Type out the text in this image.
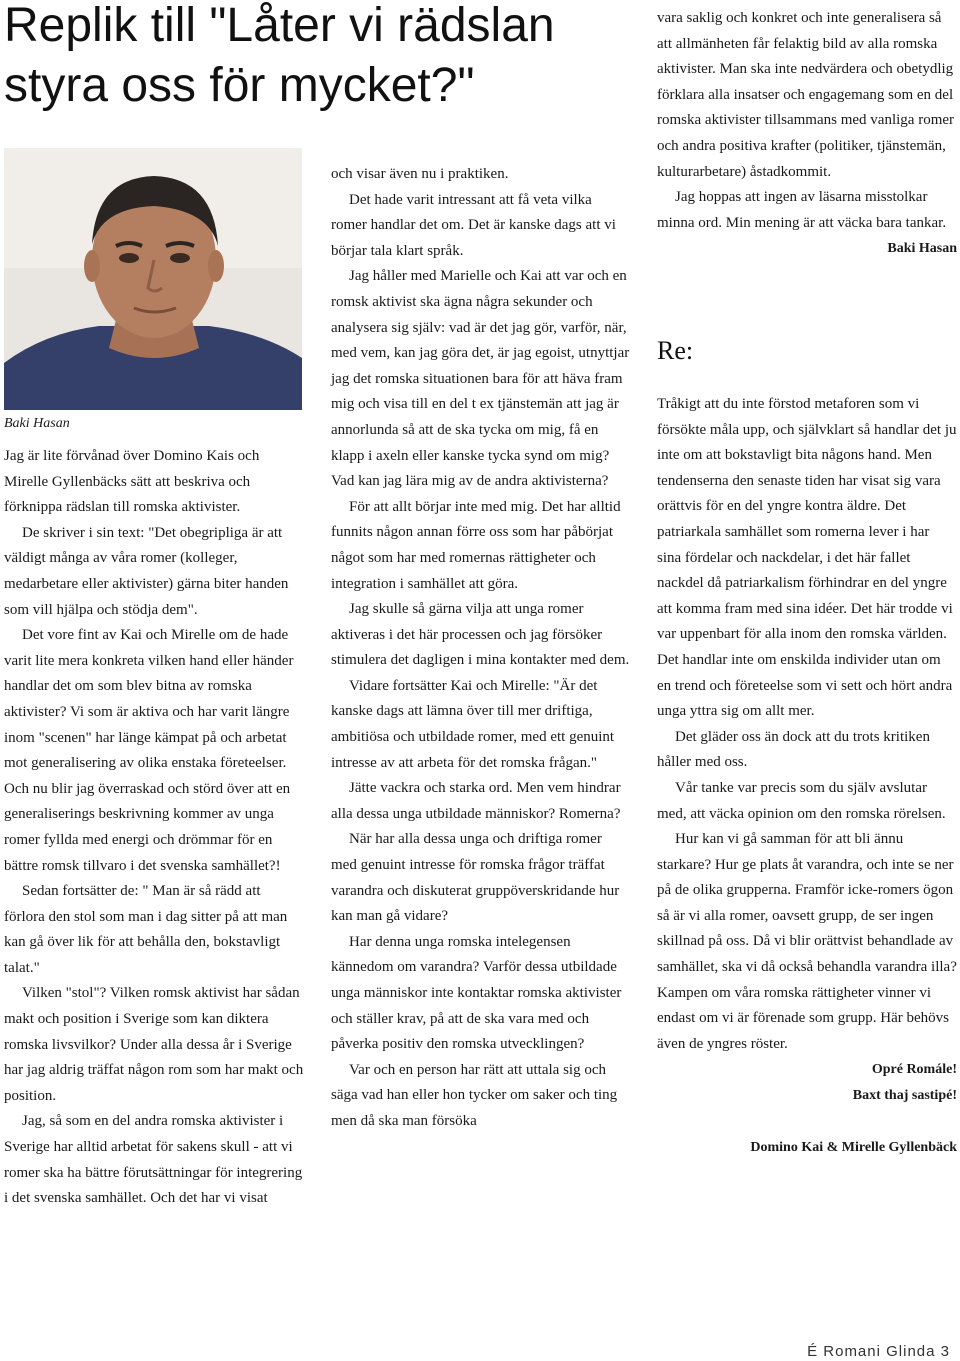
Replik till "Låter vi rädslan styra oss för mycket?"

Baki Hasan

Jag är lite förvånad över Domino Kais och Mirelle Gyllenbäcks sätt att beskriva och förknippa rädslan till romska aktivister.

De skriver i sin text: "Det obegripliga är att väldigt många av våra romer (kolleger, medarbetare eller aktivister) gärna biter handen som vill hjälpa och stödja dem".

Det vore fint av Kai och Mirelle om de hade varit lite mera konkreta vilken hand eller händer handlar det om som blev bitna av romska aktivister? Vi som är aktiva och har varit längre inom "scenen" har länge kämpat på och arbetat mot generalisering av olika enstaka företeelser. Och nu blir jag överraskad och störd över att en generaliserings beskrivning kommer av unga romer fyllda med energi och drömmar för en bättre romsk tillvaro i det svenska samhället?!

Sedan fortsätter de: " Man är så rädd att förlora den stol som man i dag sitter på att man kan gå över lik för att behålla den, bokstavligt talat."

Vilken "stol"? Vilken romsk aktivist har sådan makt och position i Sverige som kan diktera romska livsvilkor? Under alla dessa år i Sverige har jag aldrig träffat någon rom som har makt och position.

Jag, så som en del andra romska aktivister i Sverige har alltid arbetat för sakens skull - att vi romer ska ha bättre förutsättningar för integrering i det svenska samhället. Och det har vi visat

och visar även nu i praktiken.

Det hade varit intressant att få veta vilka romer handlar det om. Det är kanske dags att vi börjar tala klart språk.

Jag håller med Marielle och Kai att var och en romsk aktivist ska ägna några sekunder och analysera sig själv: vad är det jag gör, varför, när, med vem, kan jag göra det, är jag egoist, utnyttjar jag det romska situationen bara för att häva fram mig och visa till en del t ex tjänstemän att jag är annorlunda så att de ska tycka om mig, få en klapp i axeln eller kanske tycka synd om mig? Vad kan jag lära mig av de andra aktivisterna?

För att allt börjar inte med mig. Det har alltid funnits någon annan förre oss som har påbörjat något som har med romernas rättigheter och integration i samhället att göra.

Jag skulle så gärna vilja att unga romer aktiveras i det här processen och jag försöker stimulera det dagligen i mina kontakter med dem.

Vidare fortsätter Kai och Mirelle: "Är det kanske dags att lämna över till mer driftiga, ambitiösa och utbildade romer, med ett genuint intresse av att arbeta för det romska frågan."

Jätte vackra och starka ord. Men vem hindrar alla dessa unga utbildade människor? Romerna?

När har alla dessa unga och driftiga romer med genuint intresse för romska frågor träffat varandra och diskuterat gruppöverskridande hur kan man gå vidare?

Har denna unga romska intelegensen kännedom om varandra? Varför dessa utbildade unga människor inte kontaktar romska aktivister och ställer krav, på att de ska vara med och påverka positiv den romska utvecklingen?

Var och en person har rätt att uttala sig och säga vad han eller hon tycker om saker och ting men då ska man försöka

vara saklig och konkret och inte generalisera så att allmänheten får felaktig bild av alla romska aktivister. Man ska inte nedvärdera och obetydlig förklara alla insatser och engagemang som en del romska aktivister tillsammans med vanliga romer och andra positiva krafter (politiker, tjänstemän, kulturarbetare) åstadkommit.

Jag hoppas att ingen av läsarna misstolkar minna ord. Min mening är att väcka bara tankar.

Baki Hasan

Re:

Tråkigt att du inte förstod metaforen som vi försökte måla upp, och självklart så handlar det ju inte om att bokstavligt bita någons hand. Men tendenserna den senaste tiden har visat sig vara orättvis för en del yngre kontra äldre. Det patriarkala samhället som romerna lever i har sina fördelar och nackdelar, i det här fallet nackdel då patriarkalism förhindrar en del yngre att komma fram med sina idéer. Det här trodde vi var uppenbart för alla inom den romska världen. Det handlar inte om enskilda individer utan om en trend och företeelse som vi sett och hört andra unga yttra sig om allt mer.

Det gläder oss än dock att du trots kritiken håller med oss.

Vår tanke var precis som du själv avslutar med, att väcka opinion om den romska rörelsen.

Hur kan vi gå samman för att bli ännu starkare? Hur ge plats åt varandra, och inte se ner på de olika grupperna. Framför icke-romers ögon så är vi alla romer, oavsett grupp, de ser ingen skillnad på oss. Då vi blir orättvist behandlade av samhället, ska vi då också behandla varandra illa? Kampen om våra romska rättigheter vinner vi endast om vi är förenade som grupp. Här behövs även de yngres röster.

Opré Romále!

Baxt thaj sastipé!

Domino Kai & Mirelle Gyllenbäck

É Romani Glinda 3
